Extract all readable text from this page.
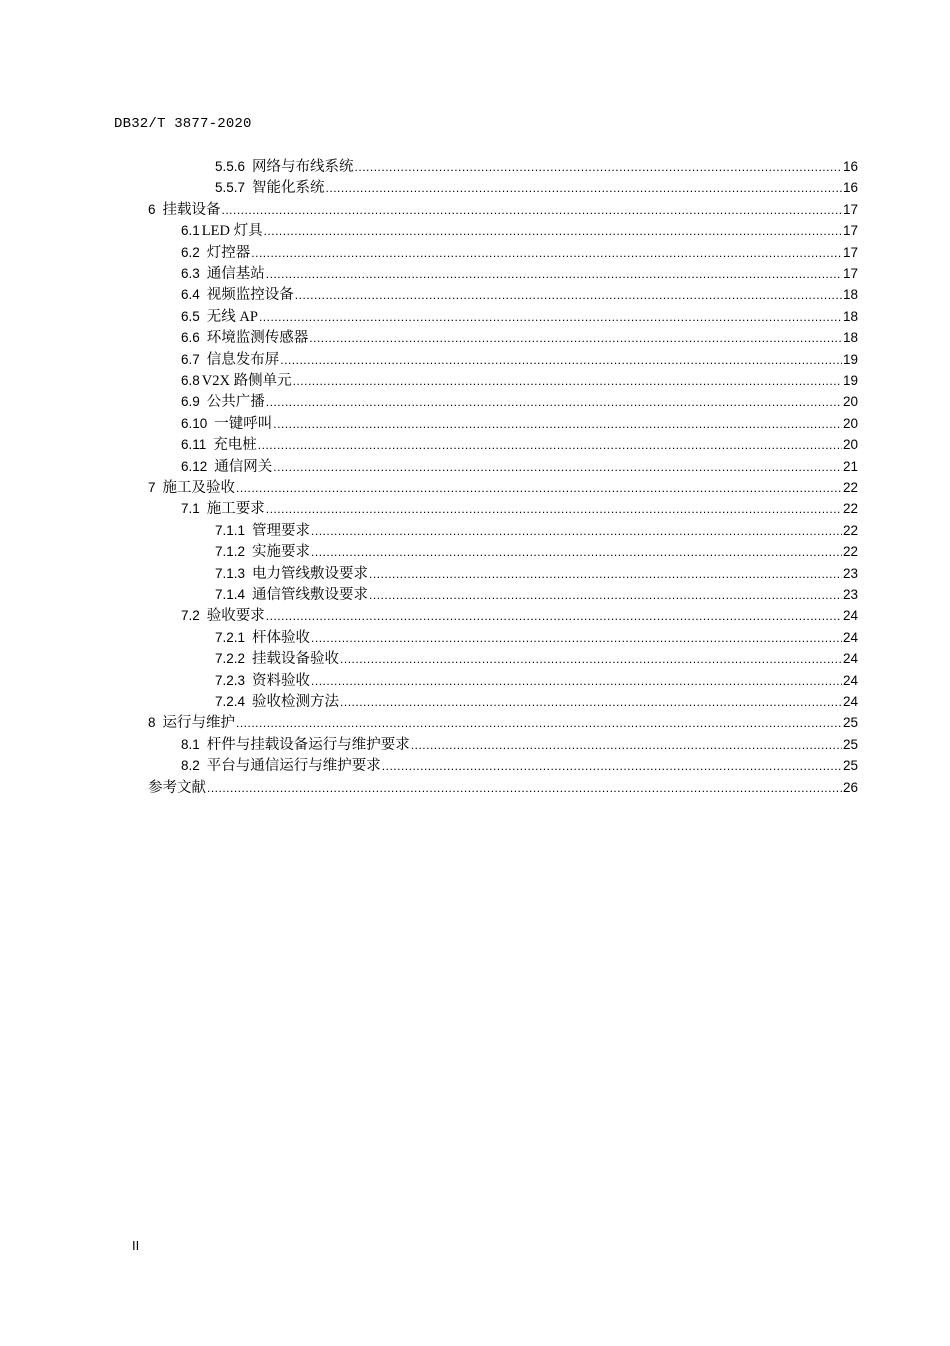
DB32/T 3877-2020
5.5.6 网络与布线系统 .....	16
5.5.7 智能化系统 .....	16
6 挂载设备 .....	17
6.1 LED 灯具 .....	17
6.2 灯控器 .....	17
6.3 通信基站 .....	17
6.4 视频监控设备 .....	18
6.5 无线 AP .....	18
6.6 环境监测传感器 .....	18
6.7 信息发布屏 .....	19
6.8 V2X 路侧单元 .....	19
6.9 公共广播 .....	20
6.10 一键呼叫 .....	20
6.11 充电桩 .....	20
6.12 通信网关 .....	21
7 施工及验收 .....	22
7.1 施工要求 .....	22
7.1.1 管理要求 .....	22
7.1.2 实施要求 .....	22
7.1.3 电力管线敷设要求 .....	23
7.1.4 通信管线敷设要求 .....	23
7.2 验收要求 .....	24
7.2.1 杆体验收 .....	24
7.2.2 挂载设备验收 .....	24
7.2.3 资料验收 .....	24
7.2.4 验收检测方法 .....	24
8 运行与维护 .....	25
8.1 杆件与挂载设备运行与维护要求 .....	25
8.2 平台与通信运行与维护要求 .....	25
参考文献 .....	26
II
